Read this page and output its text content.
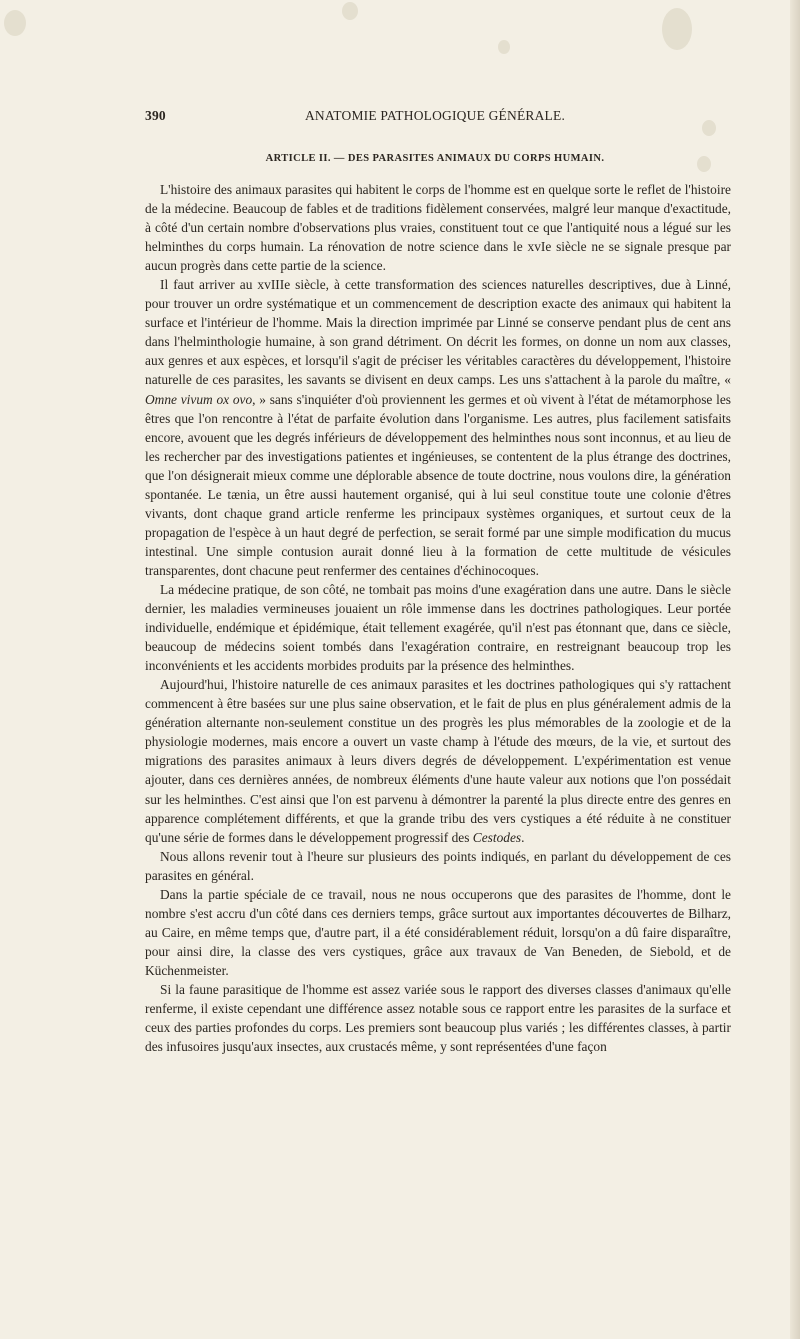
390	ANATOMIE PATHOLOGIQUE GÉNÉRALE.
ARTICLE II. — DES PARASITES ANIMAUX DU CORPS HUMAIN.

L'histoire des animaux parasites qui habitent le corps de l'homme est en quelque sorte le reflet de l'histoire de la médecine. Beaucoup de fables et de traditions fidèlement conservées, malgré leur manque d'exactitude, à côté d'un certain nombre d'observations plus vraies, constituent tout ce que l'antiquité nous a légué sur les helminthes du corps humain. La rénovation de notre science dans le xvIe siècle ne se signale presque par aucun progrès dans cette partie de la science.

Il faut arriver au xvIIIe siècle, à cette transformation des sciences naturelles descriptives, due à Linné, pour trouver un ordre systématique et un commencement de description exacte des animaux qui habitent la surface et l'intérieur de l'homme. Mais la direction imprimée par Linné se conserve pendant plus de cent ans dans l'helminthologie humaine, à son grand détriment. On décrit les formes, on donne un nom aux classes, aux genres et aux espèces, et lorsqu'il s'agit de préciser les véritables caractères du développement, l'histoire naturelle de ces parasites, les savants se divisent en deux camps. Les uns s'attachent à la parole du maître, « Omne vivum ox ovo, » sans s'inquiéter d'où proviennent les germes et où vivent à l'état de métamorphose les êtres que l'on rencontre à l'état de parfaite évolution dans l'organisme. Les autres, plus facilement satisfaits encore, avouent que les degrés inférieurs de développement des helminthes nous sont inconnus, et au lieu de les rechercher par des investigations patientes et ingénieuses, se contentent de la plus étrange des doctrines, que l'on désignerait mieux comme une déplorable absence de toute doctrine, nous voulons dire, la génération spontanée. Le tænia, un être aussi hautement organisé, qui à lui seul constitue toute une colonie d'êtres vivants, dont chaque grand article renferme les principaux systèmes organiques, et surtout ceux de la propagation de l'espèce à un haut degré de perfection, se serait formé par une simple modification du mucus intestinal. Une simple contusion aurait donné lieu à la formation de cette multitude de vésicules transparentes, dont chacune peut renfermer des centaines d'échinocoques.

La médecine pratique, de son côté, ne tombait pas moins d'une exagération dans une autre. Dans le siècle dernier, les maladies vermineuses jouaient un rôle immense dans les doctrines pathologiques. Leur portée individuelle, endémique et épidémique, était tellement exagérée, qu'il n'est pas étonnant que, dans ce siècle, beaucoup de médecins soient tombés dans l'exagération contraire, en restreignant beaucoup trop les inconvénients et les accidents morbides produits par la présence des helminthes.

Aujourd'hui, l'histoire naturelle de ces animaux parasites et les doctrines pathologiques qui s'y rattachent commencent à être basées sur une plus saine observation, et le fait de plus en plus généralement admis de la génération alternante non-seulement constitue un des progrès les plus mémorables de la zoologie et de la physiologie modernes, mais encore a ouvert un vaste champ à l'étude des mœurs, de la vie, et surtout des migrations des parasites animaux à leurs divers degrés de développement. L'expérimentation est venue ajouter, dans ces dernières années, de nombreux éléments d'une haute valeur aux notions que l'on possédait sur les helminthes. C'est ainsi que l'on est parvenu à démontrer la parenté la plus directe entre des genres en apparence complétement différents, et que la grande tribu des vers cystiques a été réduite à ne constituer qu'une série de formes dans le développement progressif des Cestodes.

Nous allons revenir tout à l'heure sur plusieurs des points indiqués, en parlant du développement de ces parasites en général.

Dans la partie spéciale de ce travail, nous ne nous occuperons que des parasites de l'homme, dont le nombre s'est accru d'un côté dans ces derniers temps, grâce surtout aux importantes découvertes de Bilharz, au Caire, en même temps que, d'autre part, il a été considérablement réduit, lorsqu'on a dû faire disparaître, pour ainsi dire, la classe des vers cystiques, grâce aux travaux de Van Beneden, de Siebold, et de Küchenmeister.

Si la faune parasitique de l'homme est assez variée sous le rapport des diverses classes d'animaux qu'elle renferme, il existe cependant une différence assez notable sous ce rapport entre les parasites de la surface et ceux des parties profondes du corps. Les premiers sont beaucoup plus variés ; les différentes classes, à partir des infusoires jusqu'aux insectes, aux crustacés même, y sont représentées d'une façon
